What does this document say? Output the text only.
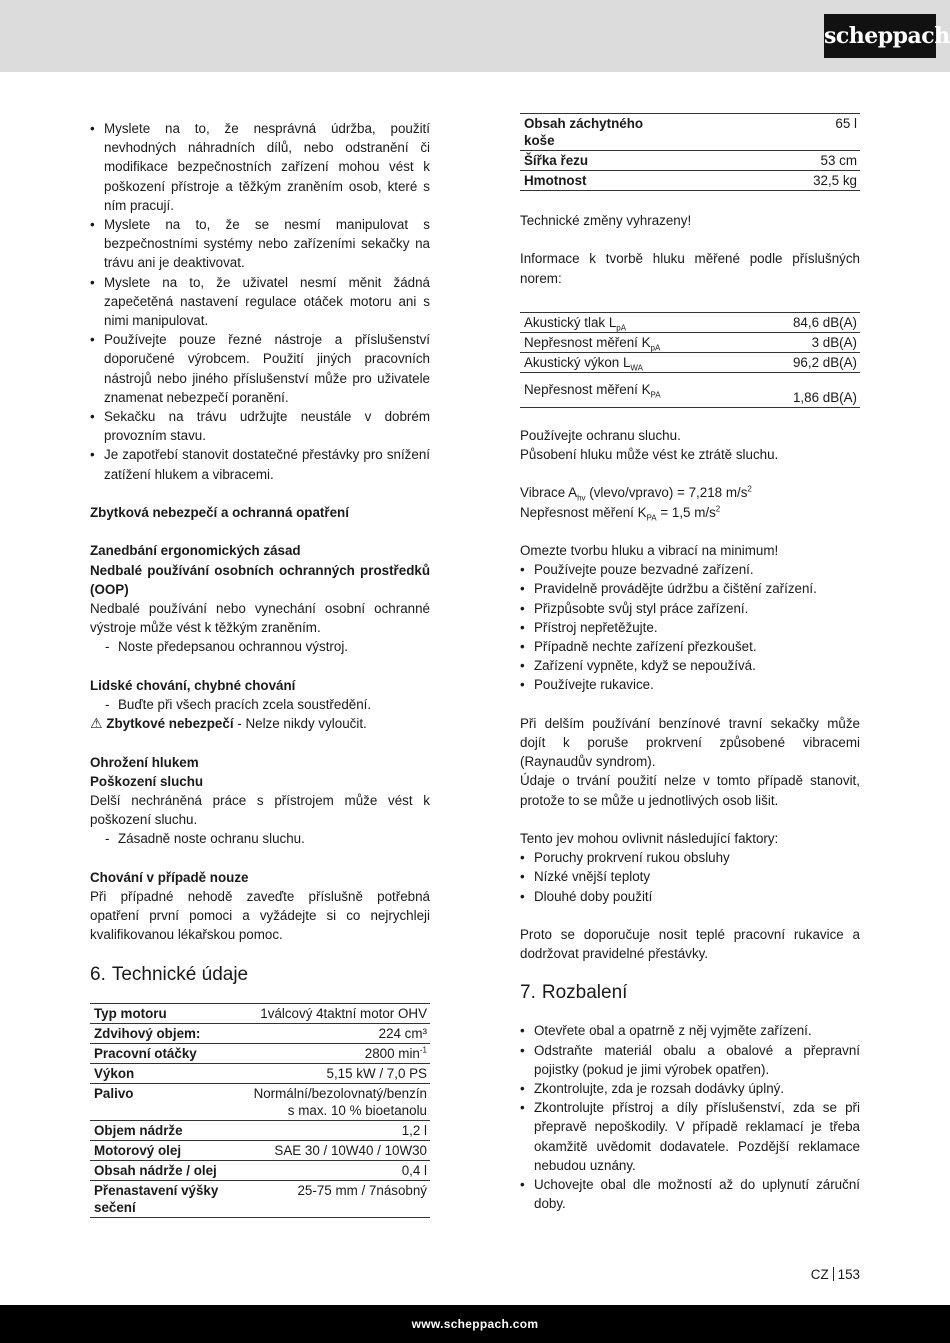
scheppach
• Myslete na to, že nesprávná údržba, použití nevhodných náhradních dílů, nebo odstranění či modifikace bezpečnostních zařízení mohou vést k poškození přístroje a těžkým zraněním osob, které s ním pracují.
• Myslete na to, že se nesmí manipulovat s bezpečnostními systémy nebo zařízeními sekačky na trávu ani je deaktivovat.
• Myslete na to, že uživatel nesmí měnit žádná zapečetěná nastavení regulace otáček motoru ani s nimi manipulovat.
• Používejte pouze řezné nástroje a příslušenství doporučené výrobcem. Použití jiných pracovních nástrojů nebo jiného příslušenství může pro uživatele znamenat nebezpečí poranění.
• Sekačku na trávu udržujte neustále v dobrém provozním stavu.
• Je zapotřebí stanovit dostatečné přestávky pro snížení zatížení hlukem a vibracemi.
Zbytková nebezpečí a ochranná opatření
Zanedbání ergonomických zásad
Nedbalé používání osobních ochranných prostředků (OOP)
Nedbalé používání nebo vynechání osobní ochranné výstroje může vést k těžkým zraněním.
- Noste předepsanou ochrannou výstroj.
Lidské chování, chybné chování
- Buďte při všech pracích zcela soustředění.
⚠ Zbytkové nebezpečí - Nelze nikdy vyloučit.
Ohrožení hlukem
Poškození sluchu
Delší nechráněná práce s přístrojem může vést k poškození sluchu.
- Zásadně noste ochranu sluchu.
Chování v případě nouze
Při případné nehodě zaveďte příslušně potřebná opatření první pomoci a vyžádejte si co nejrychleji kvalifikovanou lékařskou pomoc.
6. Technické údaje
Typ motoru	1válcový 4taktní motor OHV
Zdvihový objem:	224 cm³
Pracovní otáčky	2800 $\min^{-1}$
Výkon	5,15 kW / 7,0 PS
Palivo	Normální/bezolovnatý/benzín s max. 10 % bioetanolu
Objem nádrže	1,2 l
Motorový olej	SAE 30 / 10W40 / 10W30
Obsah nádrže / olej	0,4 l
Přenastavení výšky sečení	25-75 mm / 7násobný
Obsah záchytného koše	65 l
Šířka řezu	53 cm
Hmotnost	32,5 kg
Technické změny vyhrazeny!
Informace k tvorbě hluku měřené podle příslušných norem:
Akustický tlak $L_{pA}$	84,6 dB(A)
Nepřesnost měření $K_{pA}$	3 dB(A)
Akustický výkon $L_{WA}$	96,2 dB(A)
Nepřesnost měření $K_{PA}$	1,86 dB(A)
Používejte ochranu sluchu.
Působení hluku může vést ke ztrátě sluchu.
Vibrace $A_{hv}$ (vlevo/vpravo) = 7,218 $m/s^2$
Nepřesnost měření $K_{PA} = 1,5$ $m/s^2$
Omezte tvorbu hluku a vibrací na minimum!
• Používejte pouze bezvadné zařízení.
• Pravidelně provádějte údržbu a čištění zařízení.
• Přizpůsobte svůj styl práce zařízení.
• Přístroj nepřetěžujte.
• Případně nechte zařízení přezkoušet.
• Zařízení vypněte, když se nepoužívá.
• Používejte rukavice.
Při delším používání benzínové travní sekačky může dojít k poruše prokrvení způsobené vibracemi (Raynaudův syndrom).
Údaje o trvání použití nelze v tomto případě stanovit, protože to se může u jednotlivých osob lišit.
Tento jev mohou ovlivnit následující faktory:
• Poruchy prokrvení rukou obsluhy
• Nízké vnější teploty
• Dlouhé doby použití
Proto se doporučuje nosit teplé pracovní rukavice a dodržovat pravidelné přestávky.
7. Rozbalení
• Otevřete obal a opatrně z něj vyjměte zařízení.
• Odstraňte materiál obalu a obalové a přepravní pojistky (pokud je jimi výrobek opatřen).
• Zkontrolujte, zda je rozsah dodávky úplný.
• Zkontrolujte přístroj a díly příslušenství, zda se při přepravě nepoškodily. V případě reklamací je třeba okamžitě uvědomit dodavatele. Pozdější reklamace nebudou uznány.
• Uchovejte obal dle možností až do uplynutí záruční doby.
CZ 153
www.scheppach.com
